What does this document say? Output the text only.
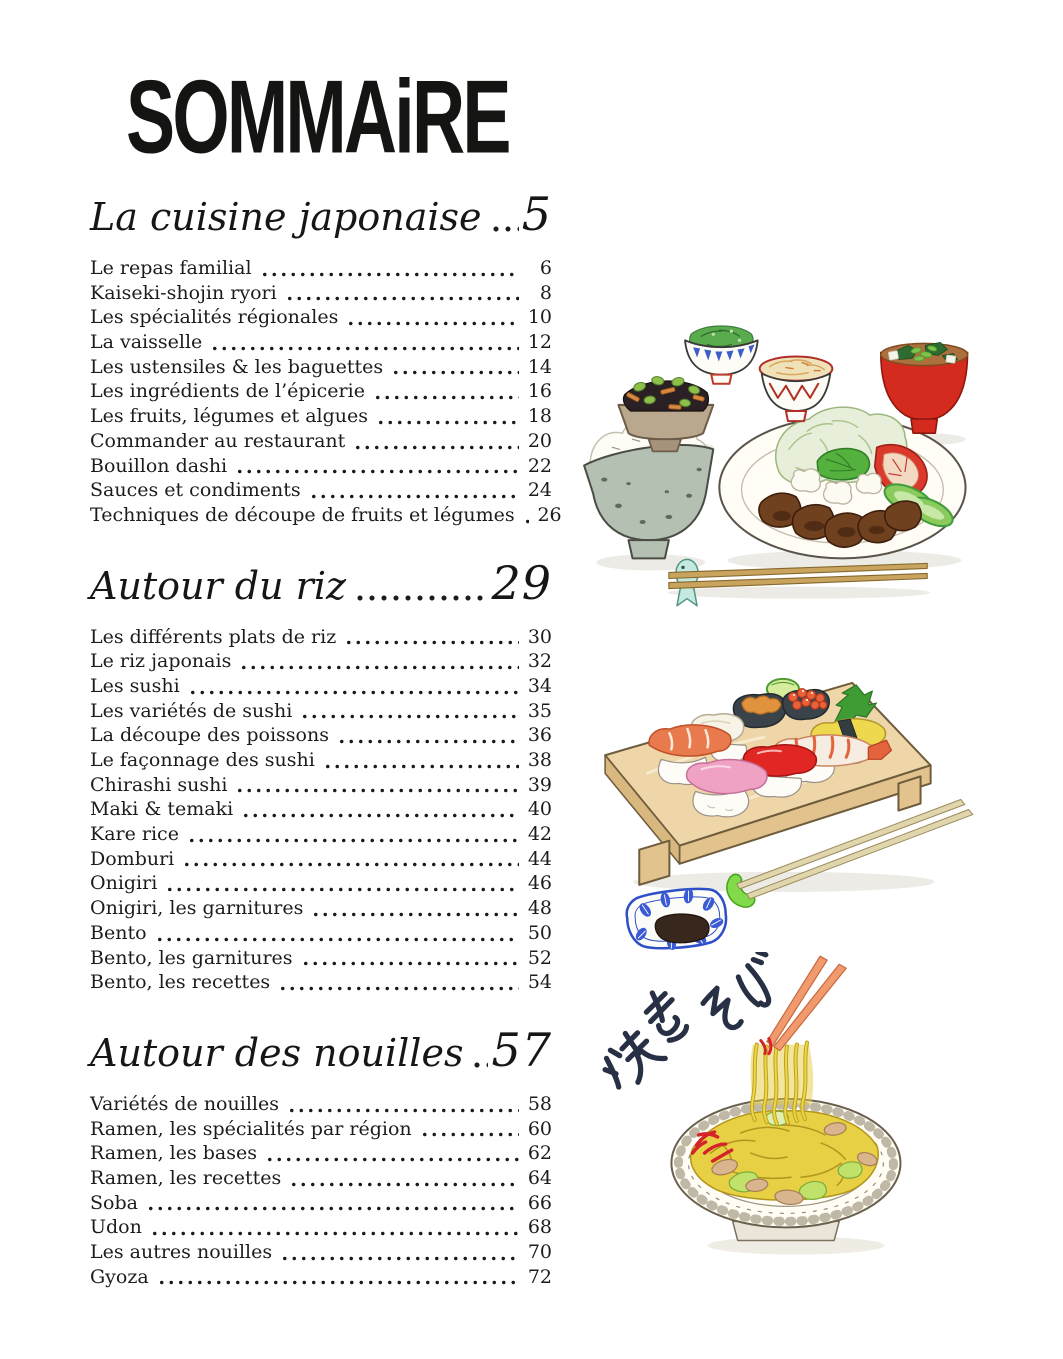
SOMMAiRE
La cuisine japonaise 5
Le repas familial	6
Kaiseki-shojin ryori	8
Les spécialités régionales	10
La vaisselle	12
Les ustensiles & les baguettes	14
Les ingrédients de l’épicerie	16
Les fruits, légumes et algues	18
Commander au restaurant	20
Bouillon dashi	22
Sauces et condiments	24
Techniques de découpe de fruits et légumes	26
Autour du riz	29
Les différents plats de riz	30
Le riz japonais	32
Les sushi	34
Les variétés de sushi	35
La découpe des poissons	36
Le façonnage des sushi	38
Chirashi sushi	39
Maki & temaki	40
Kare rice	42
Domburi	44
Onigiri	46
Onigiri, les garnitures	48
Bento	50
Bento, les garnitures	52
Bento, les recettes	54
Autour des nouilles 57
Variétés de nouilles	58
Ramen, les spécialités par région	60
Ramen, les bases	62
Ramen, les recettes	64
Soba	66
Udon	68
Les autres nouilles	70
Gyoza	72
